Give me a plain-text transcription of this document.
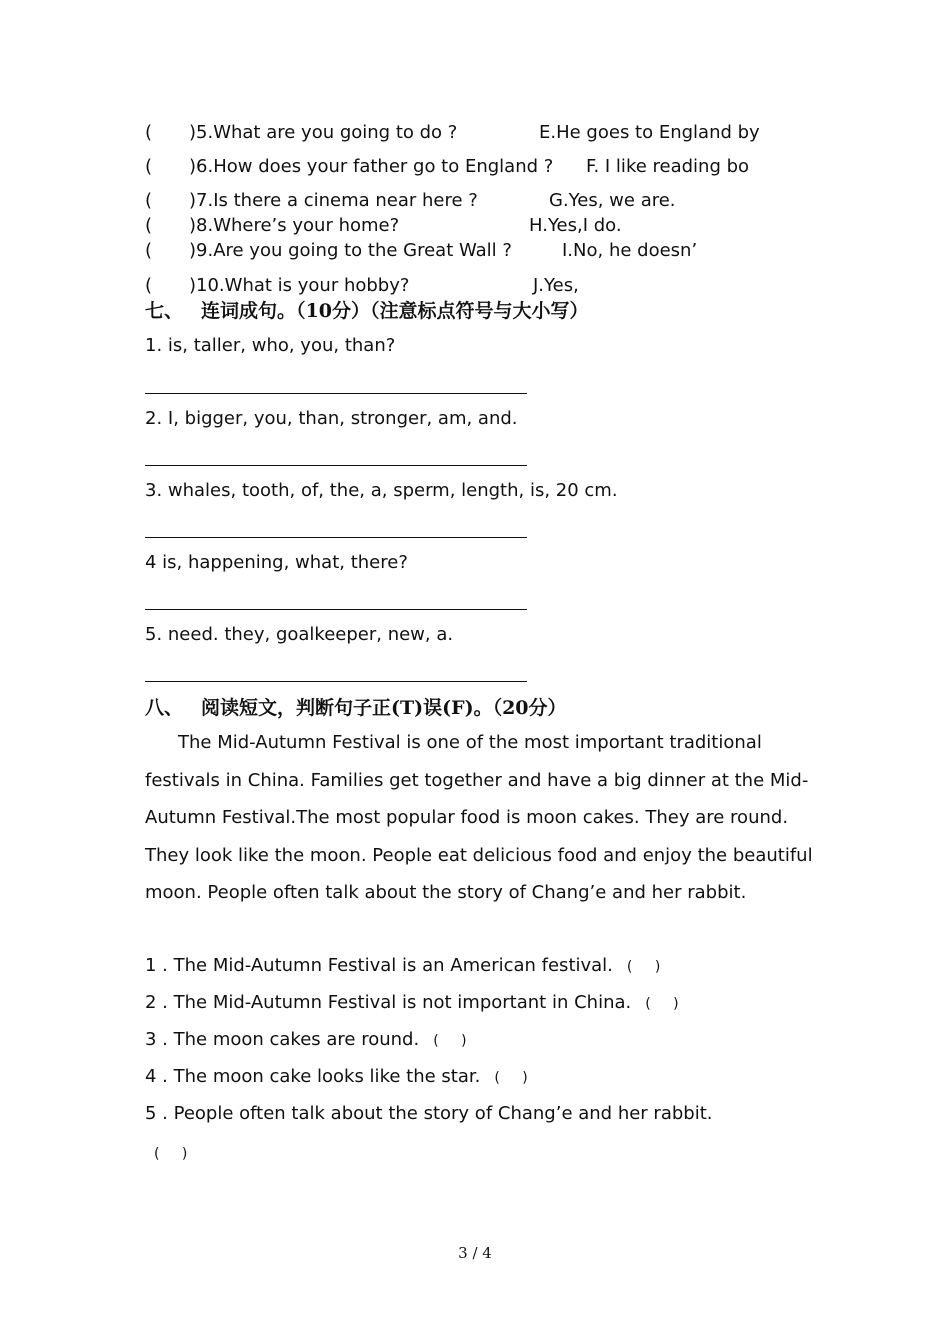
( )5.What are you going to do ?	E.He goes to England by
( )6.How does your father go to England ? F. I like reading bo
( )7.Is there a cinema near here ?	G.Yes, we are.
( )8.Where’s your home?	H.Yes,I do.
( )9.Are you going to the Great Wall ?	I.No, he doesn’
( )10.What is your hobby?	J.Yes,
七、 连词成句。（10分）（注意标点符号与大小写）
1. is, taller, who, you, than?
2. I, bigger, you, than, stronger, am, and.
3. whales, tooth, of, the, a, sperm, length, is, 20 cm.
4 is, happening, what, there?
5. need. they, goalkeeper, new, a.
八、 阅读短文，判断句子正(T)误(F)。（20分）
The Mid-Autumn Festival is one of the most important traditional festivals in China. Families get together and have a big dinner at the Mid-Autumn Festival.The most popular food is moon cakes. They are round. They look like the moon. People eat delicious food and enjoy the beautiful moon. People often talk about the story of Chang’e and her rabbit.
1 . The Mid-Autumn Festival is an American festival. ( )
2 . The Mid-Autumn Festival is not important in China. ( )
3 . The moon cakes are round. ( )
4 . The moon cake looks like the star. ( )
5 . People often talk about the story of Chang’e and her rabbit.
( )
3 / 4
